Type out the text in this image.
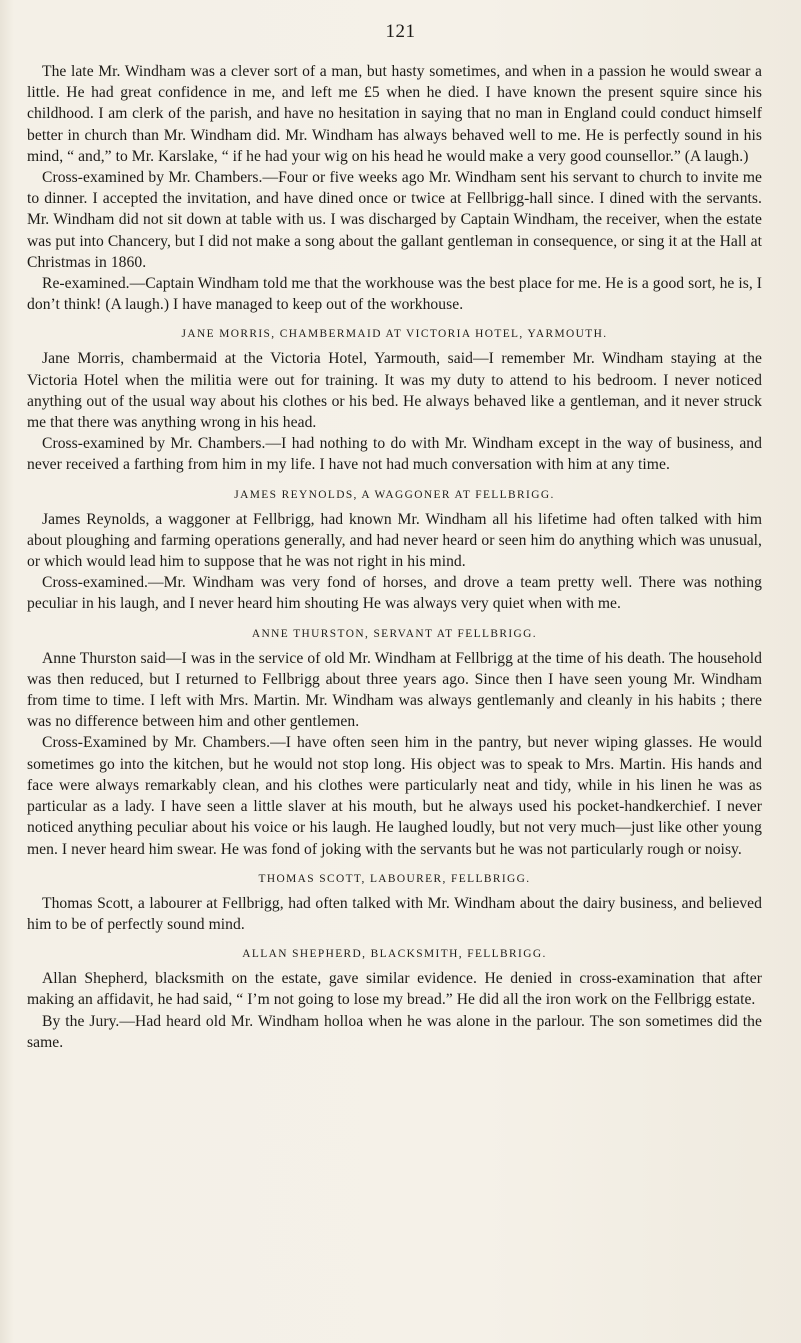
121

The late Mr. Windham was a clever sort of a man, but hasty sometimes, and when in a passion he would swear a little. He had great confidence in me, and left me £5 when he died. I have known the present squire since his childhood. I am clerk of the parish, and have no hesitation in saying that no man in England could conduct himself better in church than Mr. Windham did. Mr. Windham has always behaved well to me. He is perfectly sound in his mind, “ and,” to Mr. Karslake, “ if he had your wig on his head he would make a very good counsellor.” (A laugh.)

Cross-examined by Mr. Chambers.—Four or five weeks ago Mr. Windham sent his servant to church to invite me to dinner. I accepted the invitation, and have dined once or twice at Fellbrigg-hall since. I dined with the servants. Mr. Windham did not sit down at table with us. I was discharged by Captain Windham, the receiver, when the estate was put into Chancery, but I did not make a song about the gallant gentleman in consequence, or sing it at the Hall at Christmas in 1860.

Re-examined.—Captain Windham told me that the workhouse was the best place for me. He is a good sort, he is, I don’t think! (A laugh.) I have managed to keep out of the workhouse.

JANE MORRIS, CHAMBERMAID AT VICTORIA HOTEL, YARMOUTH.

Jane Morris, chambermaid at the Victoria Hotel, Yarmouth, said—I remember Mr. Windham staying at the Victoria Hotel when the militia were out for training. It was my duty to attend to his bedroom. I never noticed anything out of the usual way about his clothes or his bed. He always behaved like a gentleman, and it never struck me that there was anything wrong in his head.

Cross-examined by Mr. Chambers.—I had nothing to do with Mr. Windham except in the way of business, and never received a farthing from him in my life. I have not had much conversation with him at any time.

JAMES REYNOLDS, A WAGGONER AT FELLBRIGG.

James Reynolds, a waggoner at Fellbrigg, had known Mr. Windham all his lifetime had often talked with him about ploughing and farming operations generally, and had never heard or seen him do anything which was unusual, or which would lead him to suppose that he was not right in his mind.

Cross-examined.—Mr. Windham was very fond of horses, and drove a team pretty well. There was nothing peculiar in his laugh, and I never heard him shouting He was always very quiet when with me.

ANNE THURSTON, SERVANT AT FELLBRIGG.

Anne Thurston said—I was in the service of old Mr. Windham at Fellbrigg at the time of his death. The household was then reduced, but I returned to Fellbrigg about three years ago. Since then I have seen young Mr. Windham from time to time. I left with Mrs. Martin. Mr. Windham was always gentlemanly and cleanly in his habits ; there was no difference between him and other gentlemen.

Cross-Examined by Mr. Chambers.—I have often seen him in the pantry, but never wiping glasses. He would sometimes go into the kitchen, but he would not stop long. His object was to speak to Mrs. Martin. His hands and face were always remarkably clean, and his clothes were particularly neat and tidy, while in his linen he was as particular as a lady. I have seen a little slaver at his mouth, but he always used his pocket-handkerchief. I never noticed anything peculiar about his voice or his laugh. He laughed loudly, but not very much—just like other young men. I never heard him swear. He was fond of joking with the servants but he was not particularly rough or noisy.

THOMAS SCOTT, LABOURER, FELLBRIGG.

Thomas Scott, a labourer at Fellbrigg, had often talked with Mr. Windham about the dairy business, and believed him to be of perfectly sound mind.

ALLAN SHEPHERD, BLACKSMITH, FELLBRIGG.

Allan Shepherd, blacksmith on the estate, gave similar evidence. He denied in cross-examination that after making an affidavit, he had said, “ I’m not going to lose my bread.” He did all the iron work on the Fellbrigg estate.

By the Jury.—Had heard old Mr. Windham holloa when he was alone in the parlour. The son sometimes did the same.
